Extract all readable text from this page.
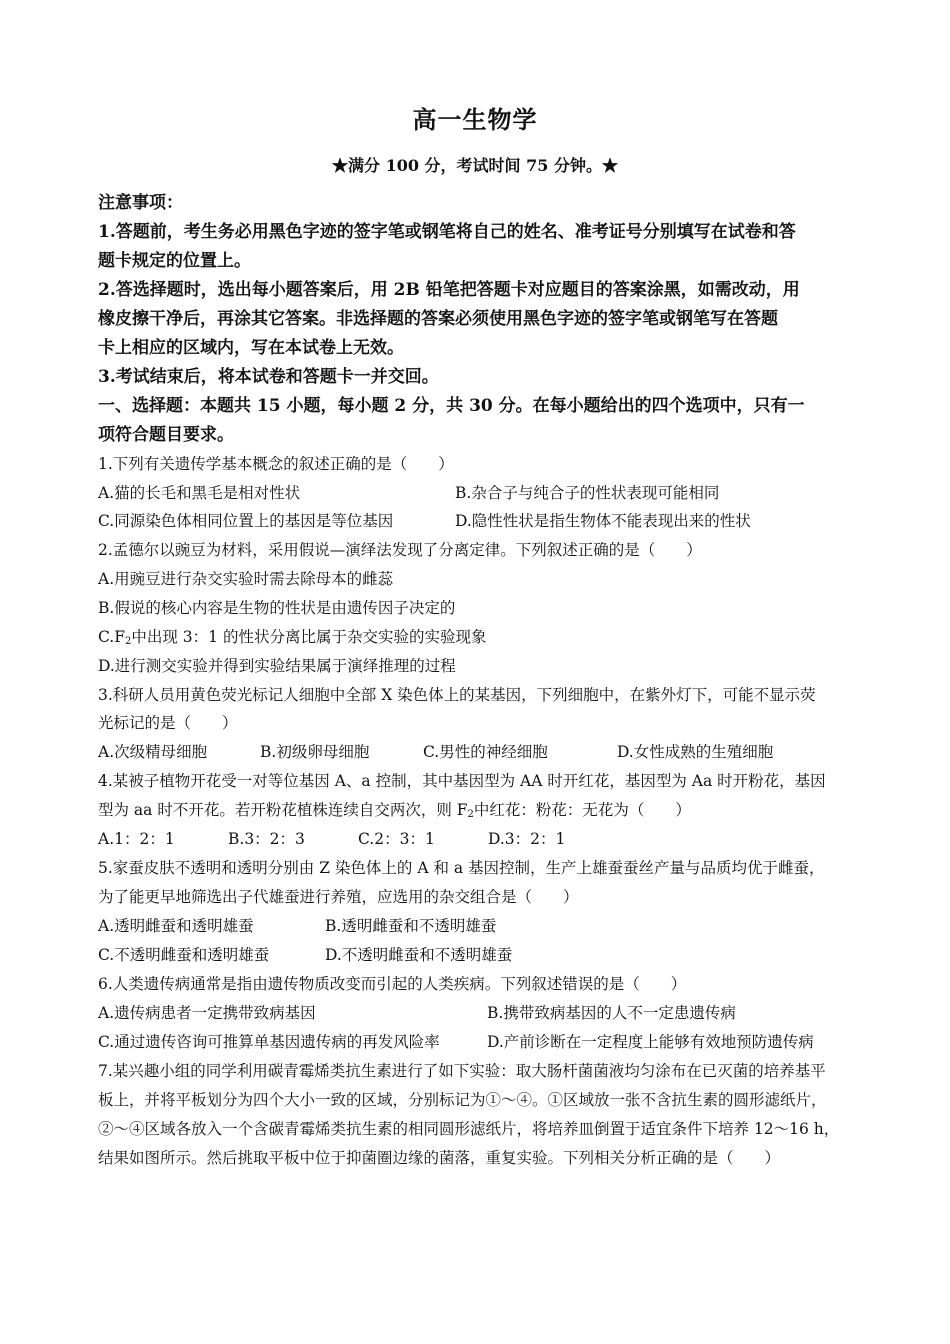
高一生物学
★满分 100 分，考试时间 75 分钟。★
注意事项：
1.答题前，考生务必用黑色字迹的签字笔或钢笔将自己的姓名、准考证号分别填写在试卷和答
题卡规定的位置上。
2.答选择题时，选出每小题答案后，用 2B 铅笔把答题卡对应题目的答案涂黑，如需改动，用
橡皮擦干净后，再涂其它答案。非选择题的答案必须使用黑色字迹的签字笔或钢笔写在答题
卡上相应的区域内，写在本试卷上无效。
3.考试结束后，将本试卷和答题卡一并交回。
一、选择题：本题共 15 小题，每小题 2 分，共 30 分。在每小题给出的四个选项中，只有一
项符合题目要求。
1.下列有关遗传学基本概念的叙述正确的是（　　）
A.猫的长毛和黑毛是相对性状	B.杂合子与纯合子的性状表现可能相同
C.同源染色体相同位置上的基因是等位基因	D.隐性性状是指生物体不能表现出来的性状
2.孟德尔以豌豆为材料，采用假说—演绎法发现了分离定律。下列叙述正确的是（　　）
A.用豌豆进行杂交实验时需去除母本的雌蕊
B.假说的核心内容是生物的性状是由遗传因子决定的
$C.F_2$中出现 3：1 的性状分离比属于杂交实验的实验现象
D.进行测交实验并得到实验结果属于演绎推理的过程
3.科研人员用黄色荧光标记人细胞中全部 X 染色体上的某基因，下列细胞中，在紫外灯下，可能不显示荧
光标记的是（　　）
A.次级精母细胞	B.初级卵母细胞	C.男性的神经细胞	D.女性成熟的生殖细胞
4.某被子植物开花受一对等位基因 A、a 控制，其中基因型为 AA 时开红花，基因型为 Aa 时开粉花，基因
型为 aa 时不开花。若开粉花植株连续自交两次，则 $F_2$中红花：粉花：无花为（　　）
A.1：2：1	B.3：2：3	C.2：3：1	D.3：2：1
5.家蚕皮肤不透明和透明分别由 Z 染色体上的 A 和 a 基因控制，生产上雄蚕蚕丝产量与品质均优于雌蚕，
为了能更早地筛选出子代雄蚕进行养殖，应选用的杂交组合是（　　）
A.透明雌蚕和透明雄蚕	B.透明雌蚕和不透明雄蚕
C.不透明雌蚕和透明雄蚕	D.不透明雌蚕和不透明雄蚕
6.人类遗传病通常是指由遗传物质改变而引起的人类疾病。下列叙述错误的是（　　）
A.遗传病患者一定携带致病基因	B.携带致病基因的人不一定患遗传病
C.通过遗传咨询可推算单基因遗传病的再发风险率	D.产前诊断在一定程度上能够有效地预防遗传病
7.某兴趣小组的同学利用碳青霉烯类抗生素进行了如下实验：取大肠杆菌菌液均匀涂布在已灭菌的培养基平
板上，并将平板划分为四个大小一致的区域，分别标记为①～④。①区域放一张不含抗生素的圆形滤纸片，
②～④区域各放入一个含碳青霉烯类抗生素的相同圆形滤纸片，将培养皿倒置于适宜条件下培养 12～16 h，
结果如图所示。然后挑取平板中位于抑菌圈边缘的菌落，重复实验。下列相关分析正确的是（　　）
